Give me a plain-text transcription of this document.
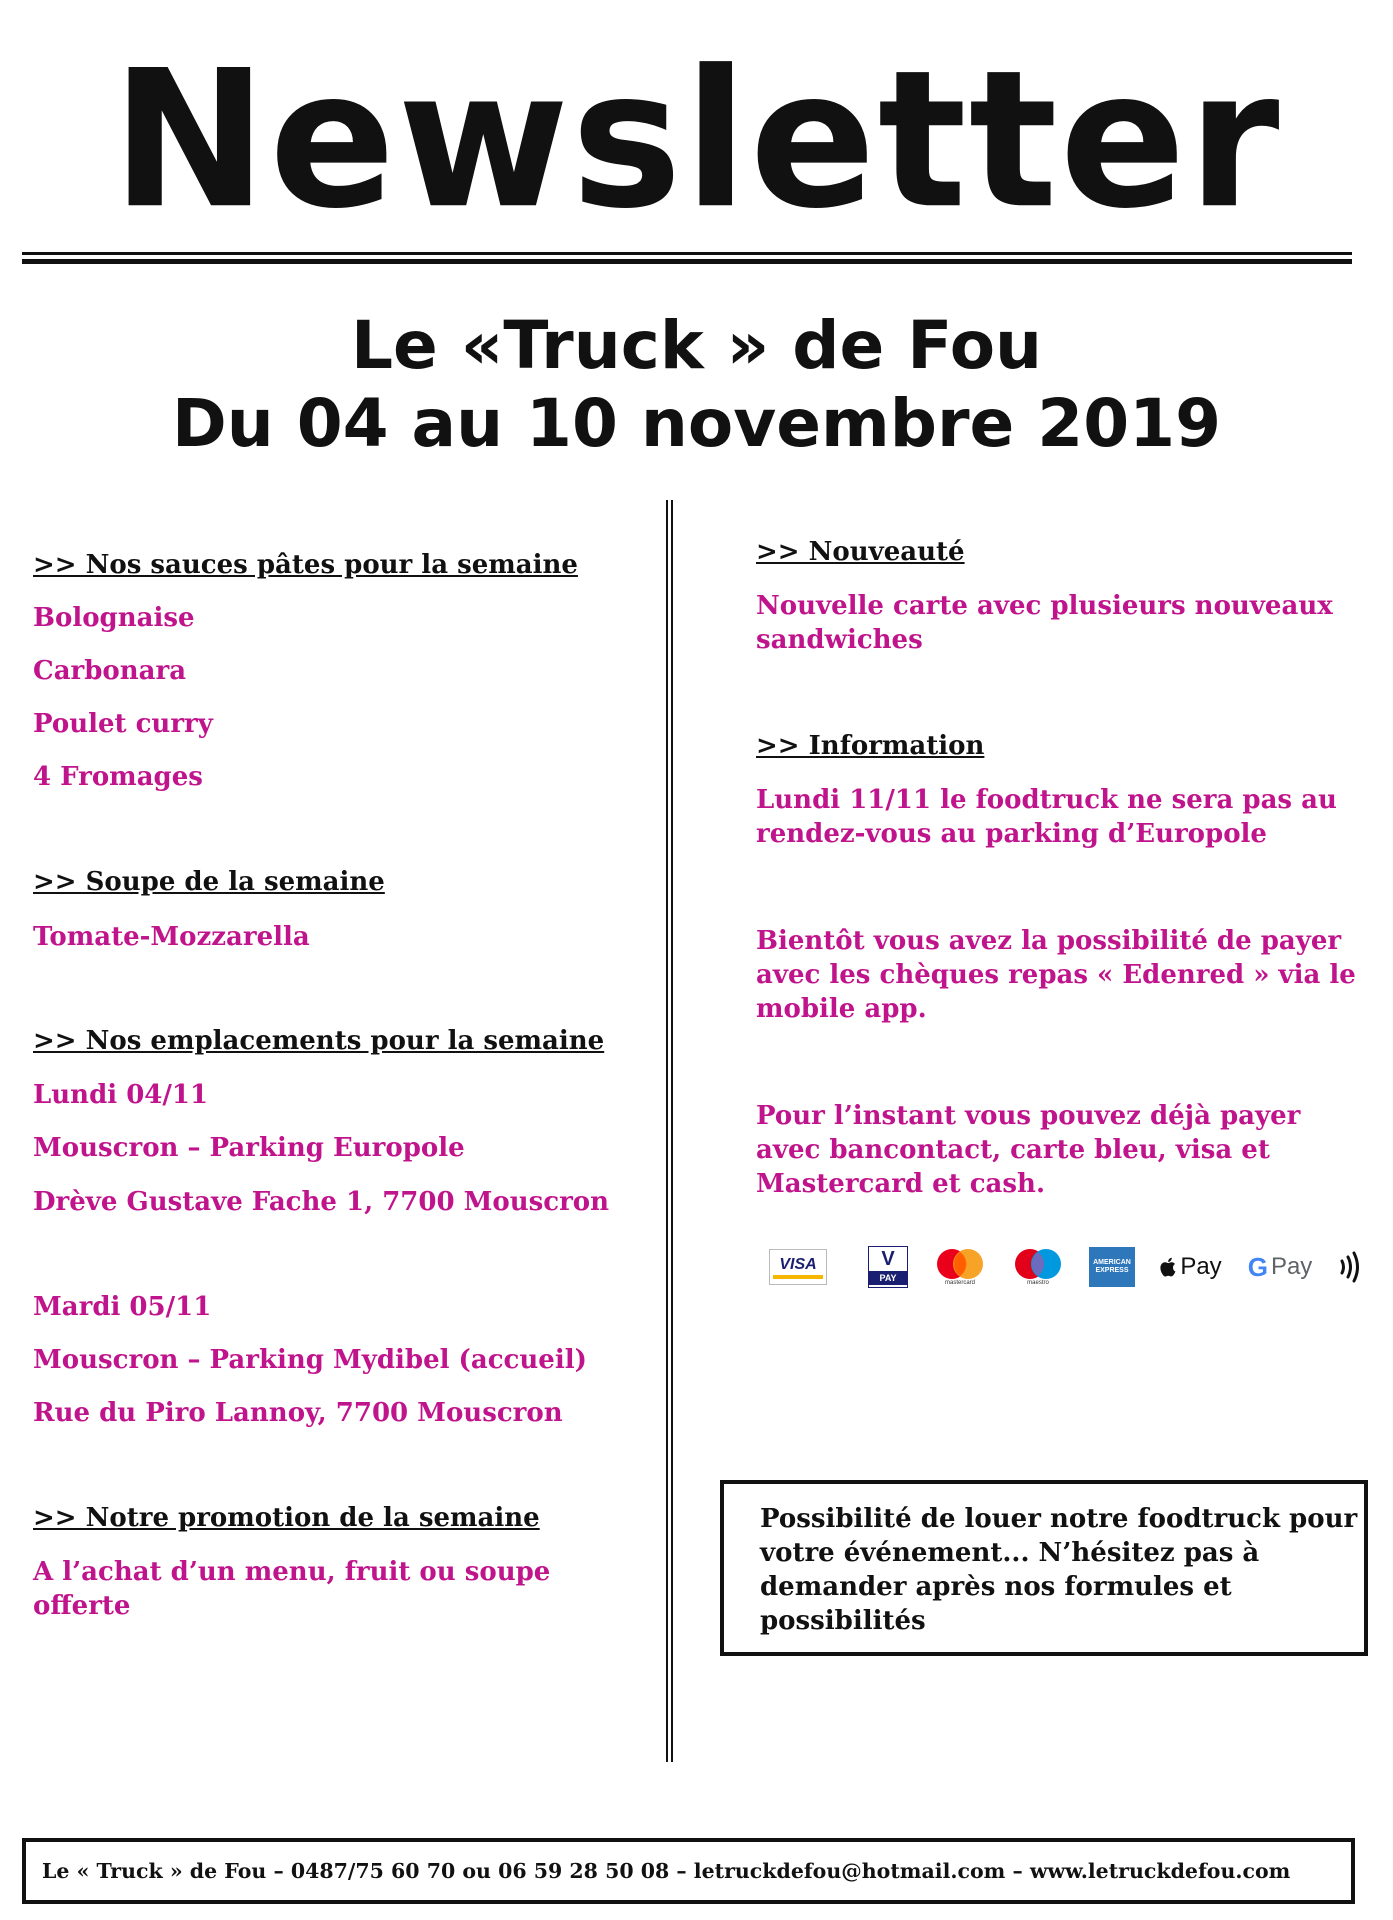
Newsletter
Le «Truck » de Fou
Du 04 au 10 novembre 2019
>> Nos sauces pâtes pour la semaine
Bolognaise
Carbonara
Poulet curry
4 Fromages
>> Soupe de la semaine
Tomate-Mozzarella
>> Nos emplacements pour la semaine
Lundi 04/11
Mouscron – Parking Europole
Drève Gustave Fache 1, 7700 Mouscron
Mardi 05/11
Mouscron – Parking Mydibel (accueil)
Rue du Piro Lannoy, 7700 Mouscron
>> Notre promotion de la semaine
A l’achat d’un menu, fruit ou soupe offerte
>> Nouveauté
Nouvelle carte avec plusieurs nouveaux sandwiches
>> Information
Lundi 11/11 le foodtruck ne sera pas au rendez-vous au parking d’Europole
Bientôt vous avez la possibilité de payer avec les chèques repas « Edenred » via le mobile app.
Pour l’instant vous pouvez déjà payer avec bancontact, carte bleu, visa et Mastercard et cash.
VISA	V
PAY	mastercard	maestro
AMERICAN EXPRESS Pay G Pay
Possibilité de louer notre foodtruck pour votre événement... N’hésitez pas à demander après nos formules et possibilités
Le « Truck » de Fou – 0487/75 60 70 ou 06 59 28 50 08 – letruckdefou@hotmail.com – www.letruckdefou.com
